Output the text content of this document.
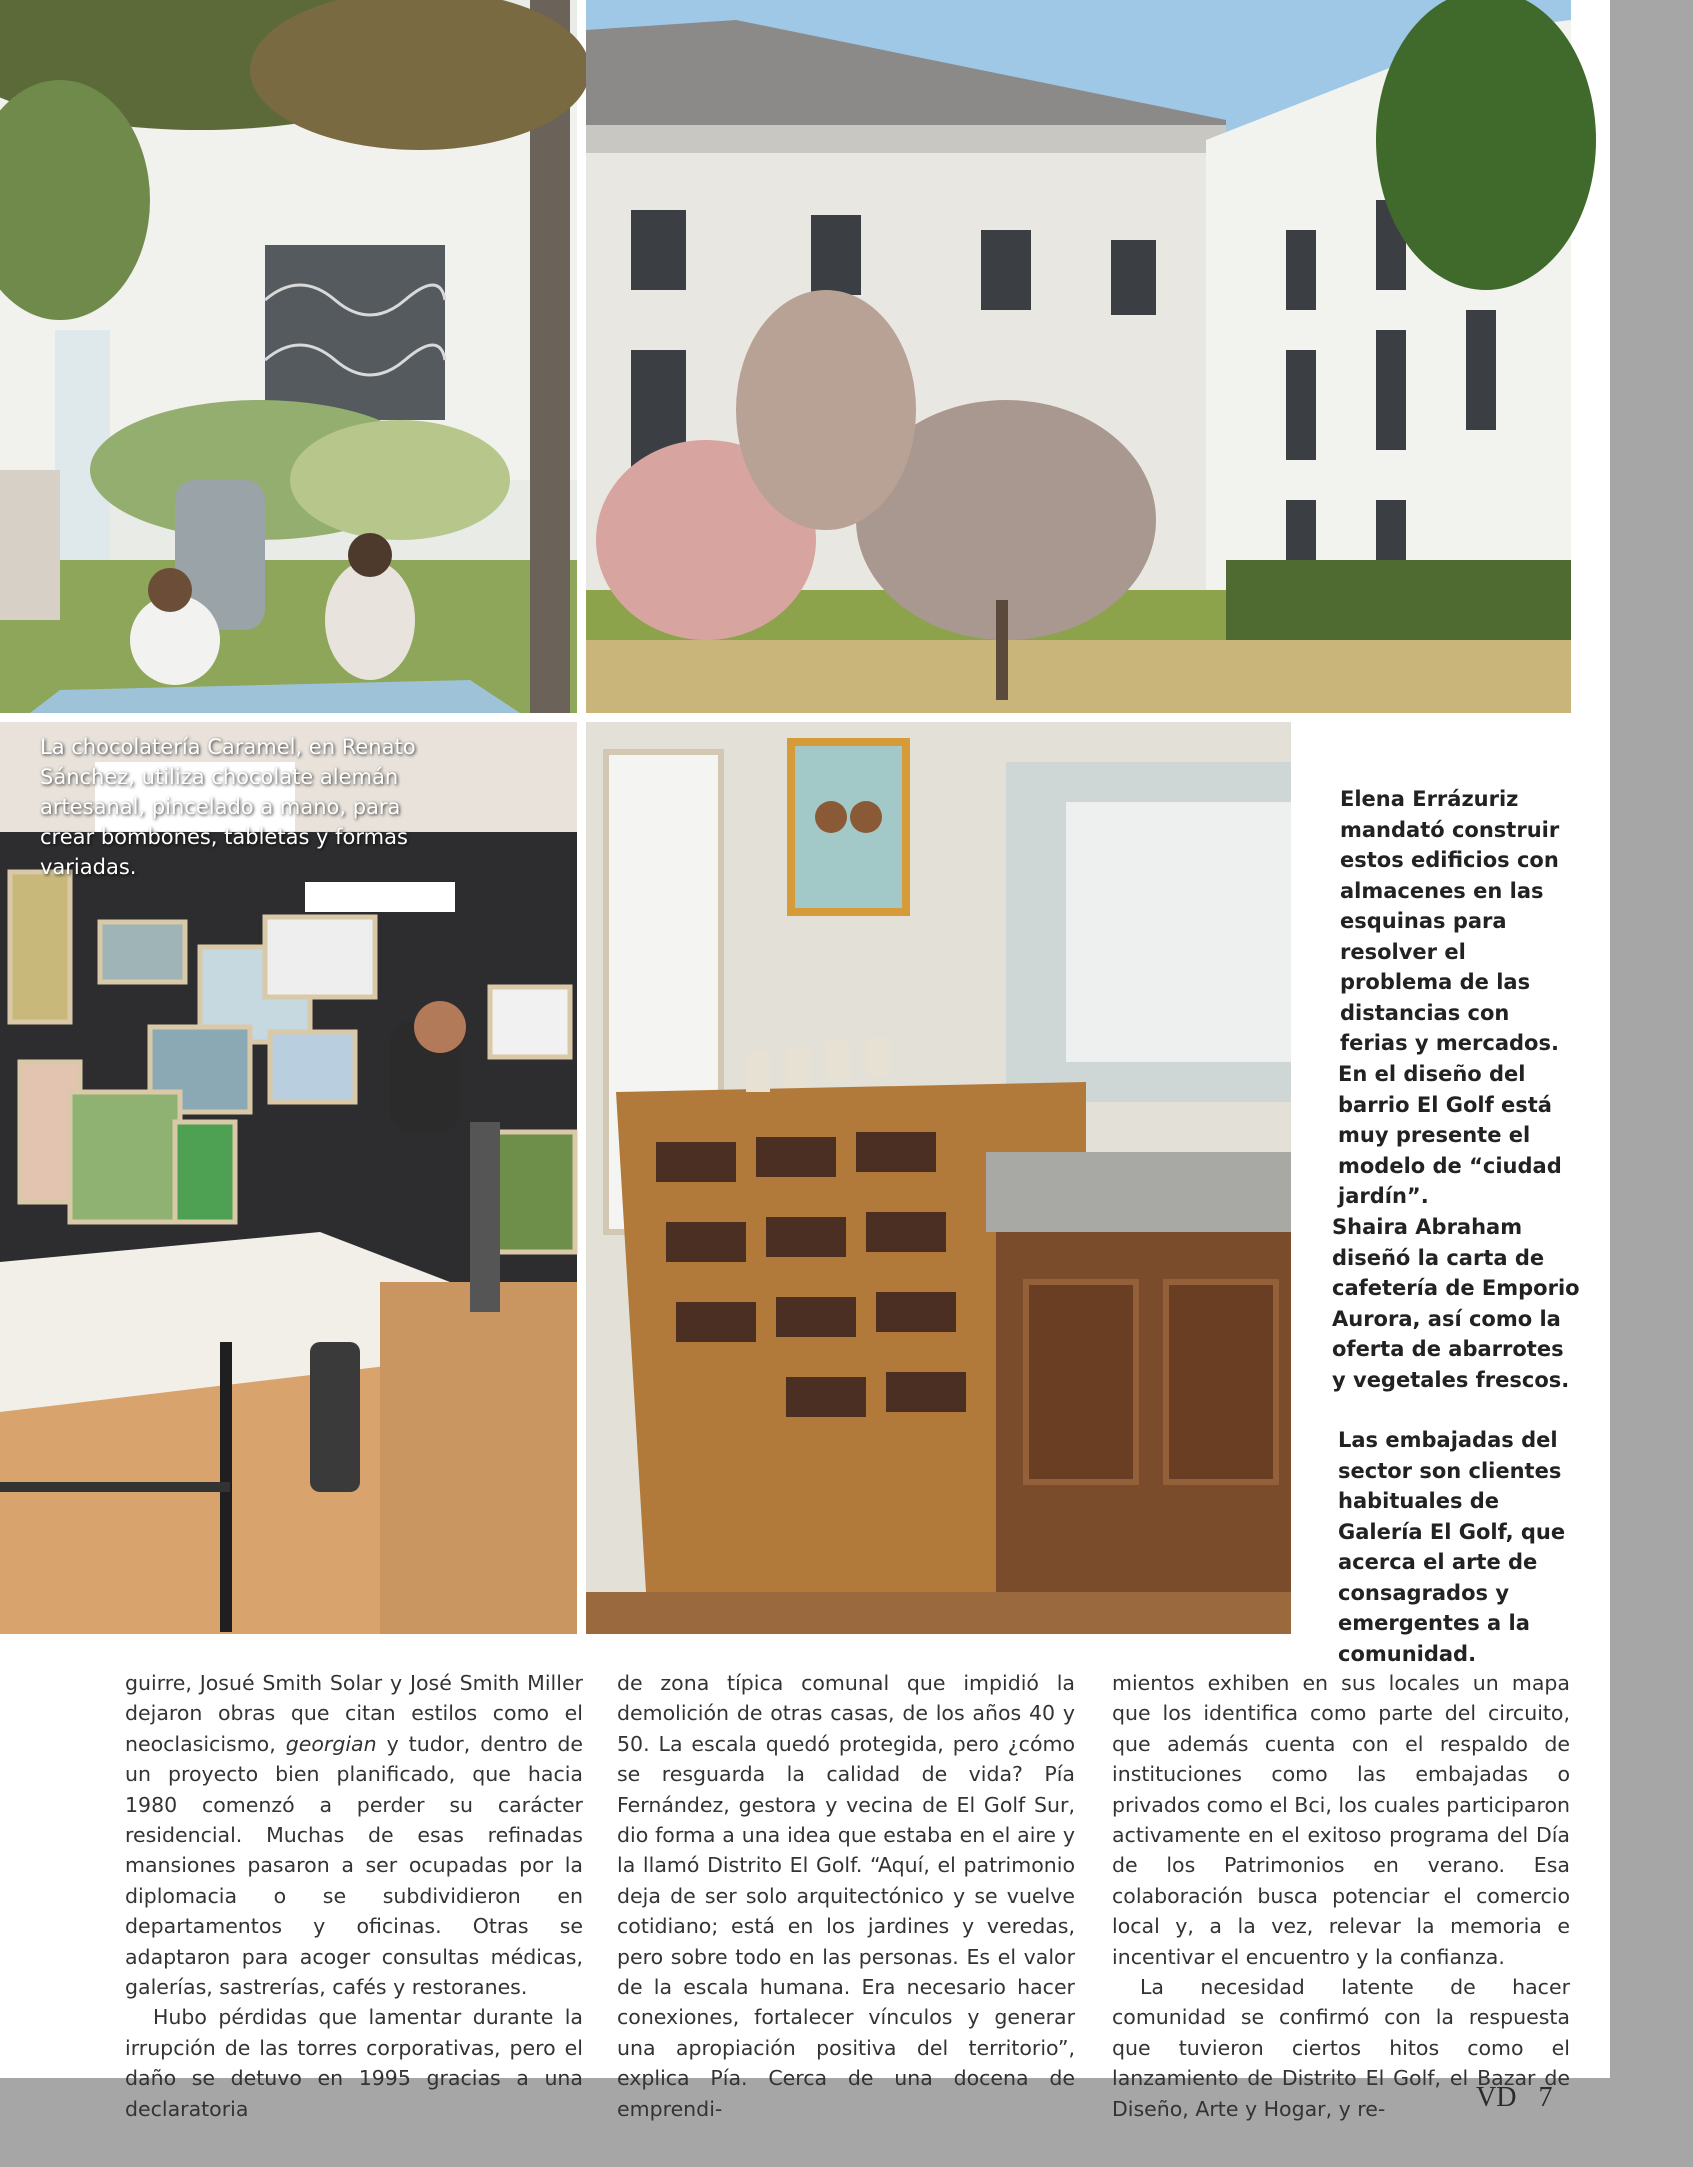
La chocolatería Caramel, en Renato Sánchez, utiliza chocolate alemán artesanal, pincelado a mano, para crear bombones, tabletas y formas variadas.

Elena Errázuriz mandató construir estos edificios con almacenes en las esquinas para resolver el problema de las distancias con ferias y mercados.

En el diseño del barrio El Golf está muy presente el modelo de “ciudad jardín”.

Shaira Abraham diseñó la carta de cafetería de Emporio Aurora, así como la oferta de abarrotes y vegetales frescos.

Las embajadas del sector son clientes habituales de Galería El Golf, que acerca el arte de consagrados y emergentes a la comunidad.

guirre, Josué Smith Solar y José Smith Miller dejaron obras que citan estilos como el neoclasicismo, georgian y tudor, dentro de un proyecto bien planificado, que hacia 1980 comenzó a perder su carácter residencial. Muchas de esas refinadas mansiones pasaron a ser ocupadas por la diplomacia o se subdividieron en departamentos y oficinas. Otras se adaptaron para acoger consultas médicas, galerías, sastrerías, cafés y restoranes.

Hubo pérdidas que lamentar durante la irrupción de las torres corporativas, pero el daño se detuvo en 1995 gracias a una declaratoria

de zona típica comunal que impidió la demolición de otras casas, de los años 40 y 50. La escala quedó protegida, pero ¿cómo se resguarda la calidad de vida? Pía Fernández, gestora y vecina de El Golf Sur, dio forma a una idea que estaba en el aire y la llamó Distrito El Golf. “Aquí, el patrimonio deja de ser solo arquitectónico y se vuelve cotidiano; está en los jardines y veredas, pero sobre todo en las personas. Es el valor de la escala humana. Era necesario hacer conexiones, fortalecer vínculos y generar una apropiación positiva del territorio”, explica Pía. Cerca de una docena de emprendi-

mientos exhiben en sus locales un mapa que los identifica como parte del circuito, que además cuenta con el respaldo de instituciones como las embajadas o privados como el Bci, los cuales participaron activamente en el exitoso programa del Día de los Patrimonios en verano. Esa colaboración busca potenciar el comercio local y, a la vez, relevar la memoria e incentivar el encuentro y la confianza.

La necesidad latente de hacer comunidad se confirmó con la respuesta que tuvieron ciertos hitos como el lanzamiento de Distrito El Golf, el Bazar de Diseño, Arte y Hogar, y re-	VD 7
